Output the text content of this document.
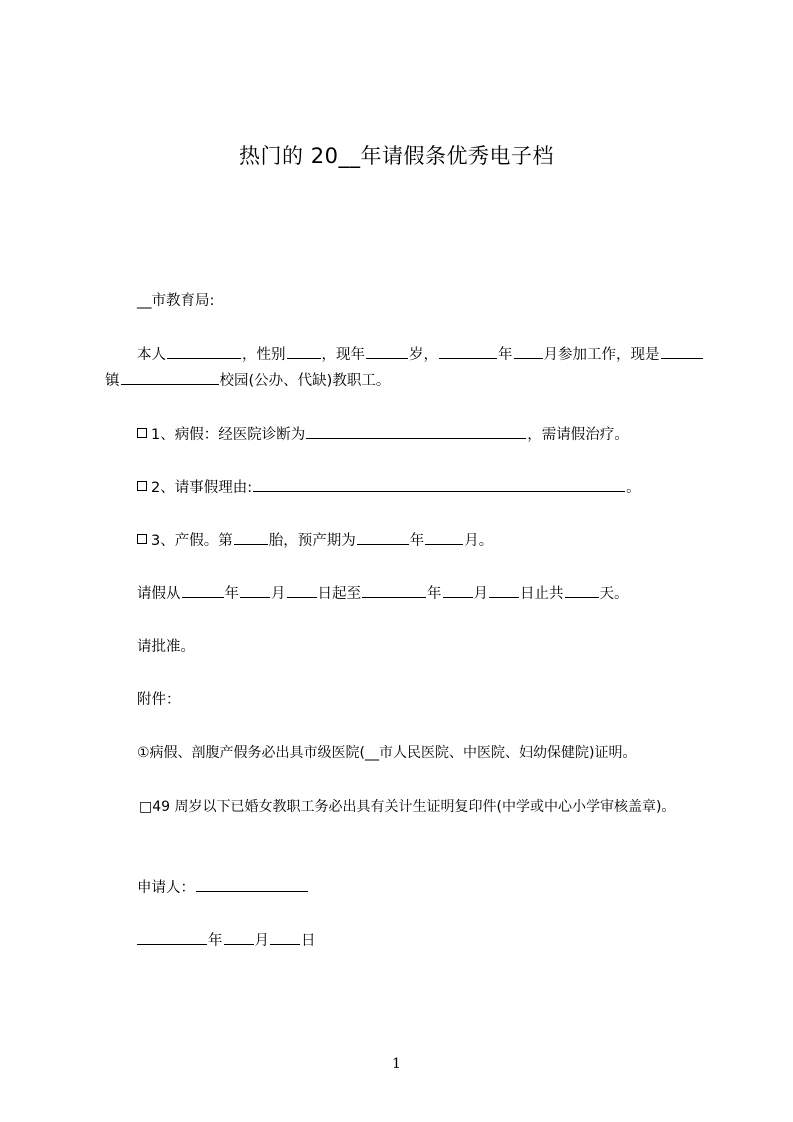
热门的 20__年请假条优秀电子档
__市教育局:
本人	，性别 ，现年	岁，	年 月参加工作，现是镇	校园(公办、代缺)教职工。
1、病假：经医院诊断为	，需请假治疗。
2、请事假理由:	。
3、产假。第 胎，预产期为	年	月。
请假从	年 月 日起至	年 月 日止共 天。
请批准。
附件：
①病假、剖腹产假务必出具市级医院(__市人民医院、中医院、妇幼保健院)证明。
□49 周岁以下已婚女教职工务必出具有关计生证明复印件(中学或中心小学审核盖章)。
申请人：
年 月 日
1
